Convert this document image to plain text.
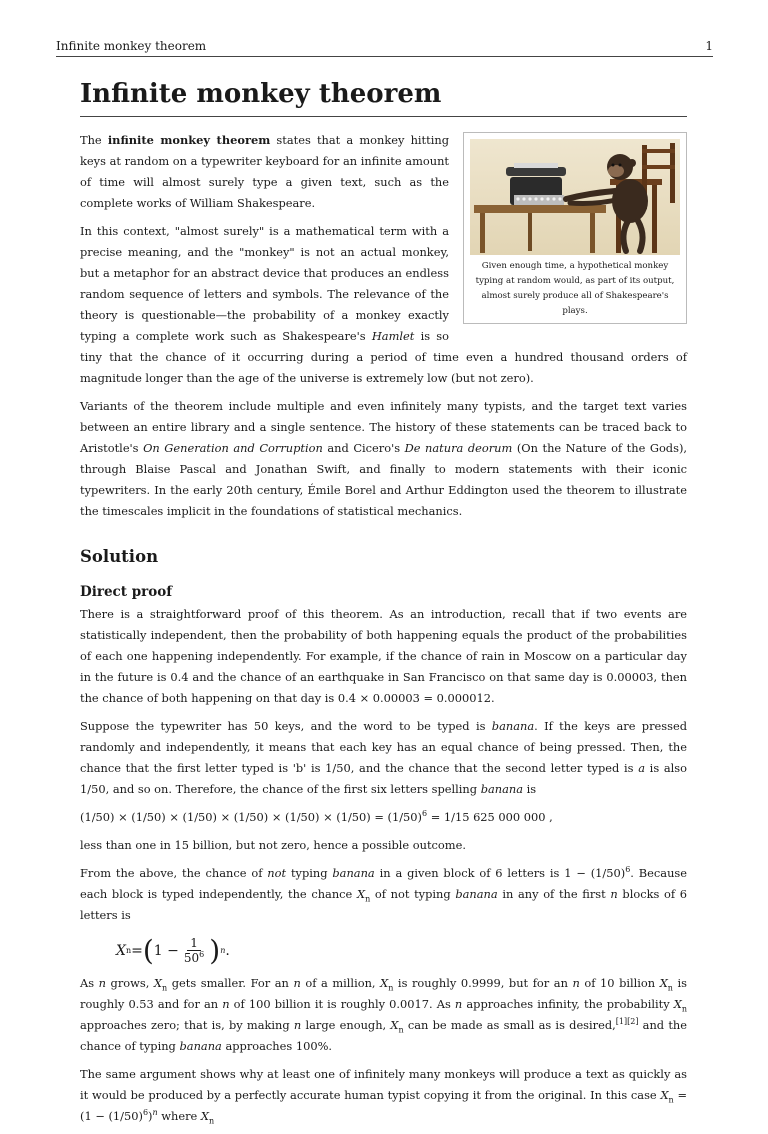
Infinite monkey theorem	1
Infinite monkey theorem
Given enough time, a hypothetical monkey typing at random would, as part of its output, almost surely produce all of Shakespeare's plays.

The infinite monkey theorem states that a monkey hitting keys at random on a typewriter keyboard for an infinite amount of time will almost surely type a given text, such as the complete works of William Shakespeare.

In this context, "almost surely" is a mathematical term with a precise meaning, and the "monkey" is not an actual monkey, but a metaphor for an abstract device that produces an endless random sequence of letters and symbols. The relevance of the theory is questionable—the probability of a monkey exactly typing a complete work such as Shakespeare's Hamlet is so tiny that the chance of it occurring during a period of time even a hundred thousand orders of magnitude longer than the age of the universe is extremely low (but not zero).

Variants of the theorem include multiple and even infinitely many typists, and the target text varies between an entire library and a single sentence. The history of these statements can be traced back to Aristotle's On Generation and Corruption and Cicero's De natura deorum (On the Nature of the Gods), through Blaise Pascal and Jonathan Swift, and finally to modern statements with their iconic typewriters. In the early 20th century, Émile Borel and Arthur Eddington used the theorem to illustrate the timescales implicit in the foundations of statistical mechanics.

Solution
Direct proof

There is a straightforward proof of this theorem. As an introduction, recall that if two events are statistically independent, then the probability of both happening equals the product of the probabilities of each one happening independently. For example, if the chance of rain in Moscow on a particular day in the future is 0.4 and the chance of an earthquake in San Francisco on that same day is 0.00003, then the chance of both happening on that day is 0.4 × 0.00003 = 0.000012.

Suppose the typewriter has 50 keys, and the word to be typed is banana. If the keys are pressed randomly and independently, it means that each key has an equal chance of being pressed. Then, the chance that the first letter typed is 'b' is 1/50, and the chance that the second letter typed is a is also 1/50, and so on. Therefore, the chance of the first six letters spelling banana is

$(1/50) \times (1/50) \times (1/50) \times (1/50) \times (1/50) \times (1/50) = (1/50)^6 = 1/15$ 625 000 000 ,

less than one in 15 billion, but not zero, hence a possible outcome.

From the above, the chance of not typing banana in a given block of 6 letters is $1 - (1/50)^6$. Because each block is typed independently, the chance $X_n$ of not typing banana in any of the first n blocks of 6 letters is

X n = ( $1 - \frac{1}{50^6}$ ) n .

As n grows, $X_n$ gets smaller. For an n of a million, $X_n$ is roughly 0.9999, but for an n of 10 billion $X_n$ is roughly 0.53 and for an n of 100 billion it is roughly 0.0017. As n approaches infinity, the probability $X_n$ approaches zero; that is, by making n large enough, $X_n$ can be made as small as is desired,[1][2] and the chance of typing banana approaches 100%.

The same argument shows why at least one of infinitely many monkeys will produce a text as quickly as it would be produced by a perfectly accurate human typist copying it from the original. In this case $X_n = (1 - (1/50)^6)^n$ where $X_n$
